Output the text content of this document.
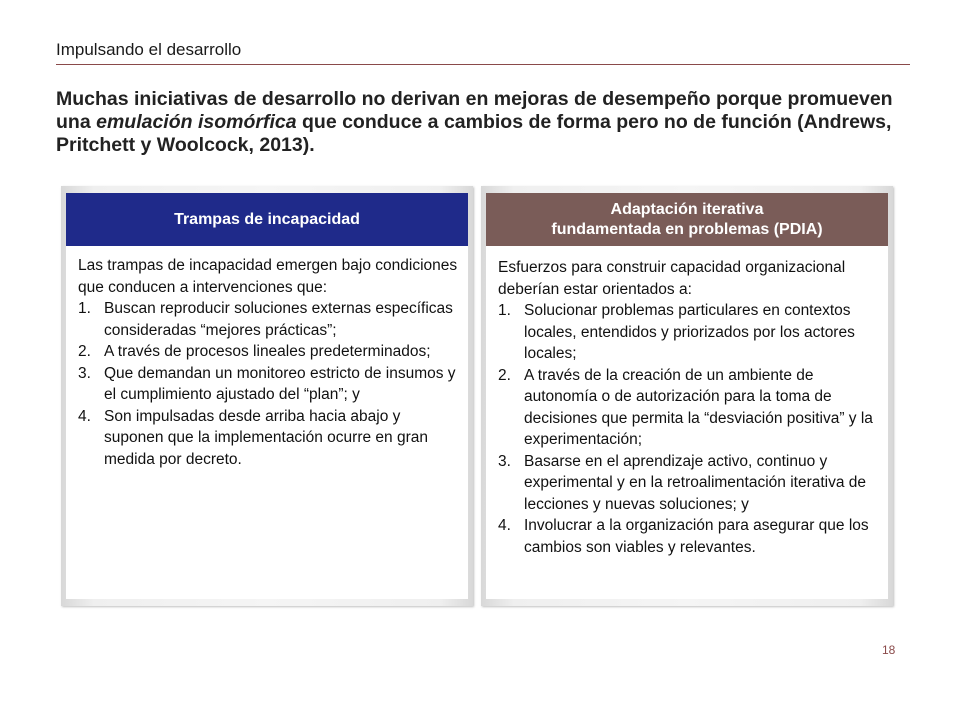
Impulsando el desarrollo
Muchas iniciativas de desarrollo no derivan en mejoras de desempeño porque promueven una emulación isomórfica que conduce a cambios de forma pero no de función (Andrews, Pritchett y Woolcock, 2013).
Trampas de incapacidad
Las trampas de incapacidad emergen bajo condiciones que conducen a intervenciones que:
1. Buscan reproducir soluciones externas específicas consideradas “mejores prácticas”;
2. A través de procesos lineales predeterminados;
3. Que demandan un monitoreo estricto de insumos y el cumplimiento ajustado del “plan”; y
4. Son impulsadas desde arriba hacia abajo y suponen que la implementación ocurre en gran medida por decreto.
Adaptación iterativa
fundamentada en problemas (PDIA)
Esfuerzos para construir capacidad organizacional deberían estar orientados a:
1. Solucionar problemas particulares en contextos locales, entendidos y priorizados por los actores locales;
2. A través de la creación de un ambiente de autonomía o de autorización para la toma de decisiones que permita la “desviación positiva” y la experimentación;
3. Basarse en el aprendizaje activo, continuo y experimental y en la retroalimentación iterativa de lecciones y nuevas soluciones; y
4. Involucrar a la organización para asegurar que los cambios son viables y relevantes.
18
